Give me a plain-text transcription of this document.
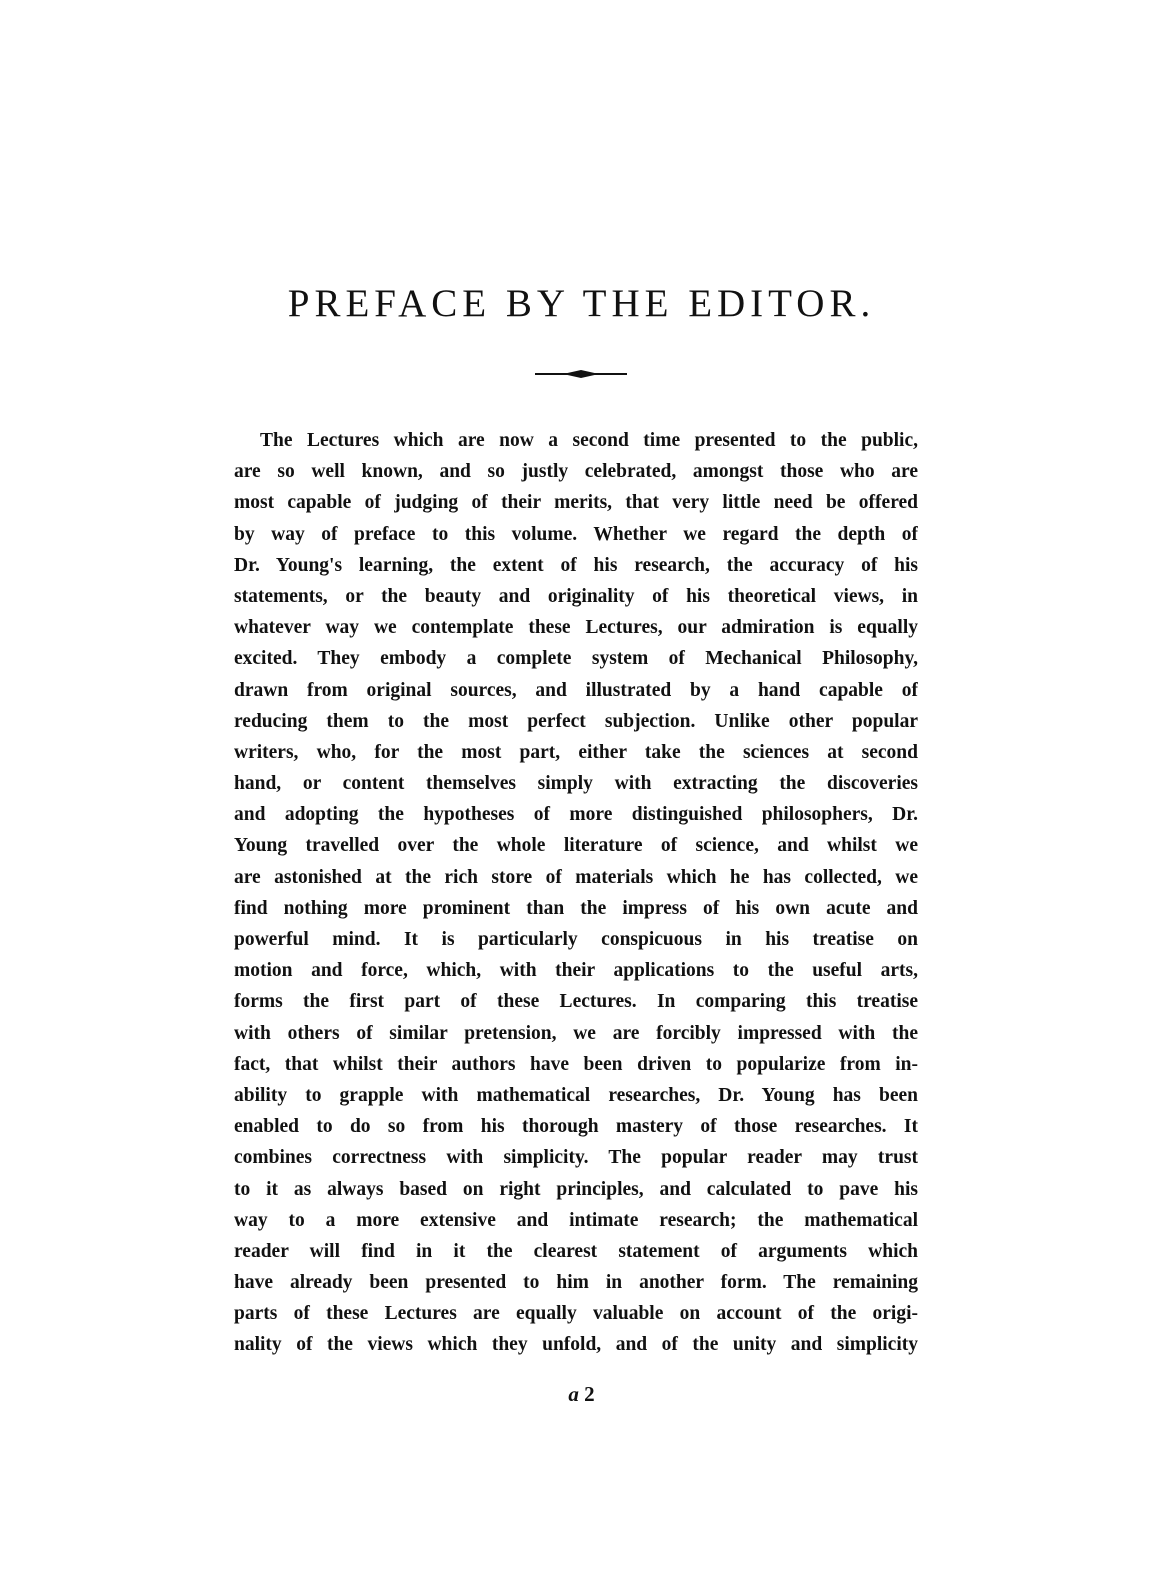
PREFACE BY THE EDITOR.
The Lectures which are now a second time presented to the public,
are so well known, and so justly celebrated, amongst those who are
most capable of judging of their merits, that very little need be offered
by way of preface to this volume. Whether we regard the depth of
Dr. Young's learning, the extent of his research, the accuracy of his
statements, or the beauty and originality of his theoretical views, in
whatever way we contemplate these Lectures, our admiration is equally
excited. They embody a complete system of Mechanical Philosophy,
drawn from original sources, and illustrated by a hand capable of
reducing them to the most perfect subjection. Unlike other popular
writers, who, for the most part, either take the sciences at second
hand, or content themselves simply with extracting the discoveries
and adopting the hypotheses of more distinguished philosophers, Dr.
Young travelled over the whole literature of science, and whilst we
are astonished at the rich store of materials which he has collected, we
find nothing more prominent than the impress of his own acute and
powerful mind. It is particularly conspicuous in his treatise on
motion and force, which, with their applications to the useful arts,
forms the first part of these Lectures. In comparing this treatise
with others of similar pretension, we are forcibly impressed with the
fact, that whilst their authors have been driven to popularize from in-
ability to grapple with mathematical researches, Dr. Young has been
enabled to do so from his thorough mastery of those researches. It
combines correctness with simplicity. The popular reader may trust
to it as always based on right principles, and calculated to pave his
way to a more extensive and intimate research; the mathematical
reader will find in it the clearest statement of arguments which
have already been presented to him in another form. The remaining
parts of these Lectures are equally valuable on account of the origi-
nality of the views which they unfold, and of the unity and simplicity
a 2
